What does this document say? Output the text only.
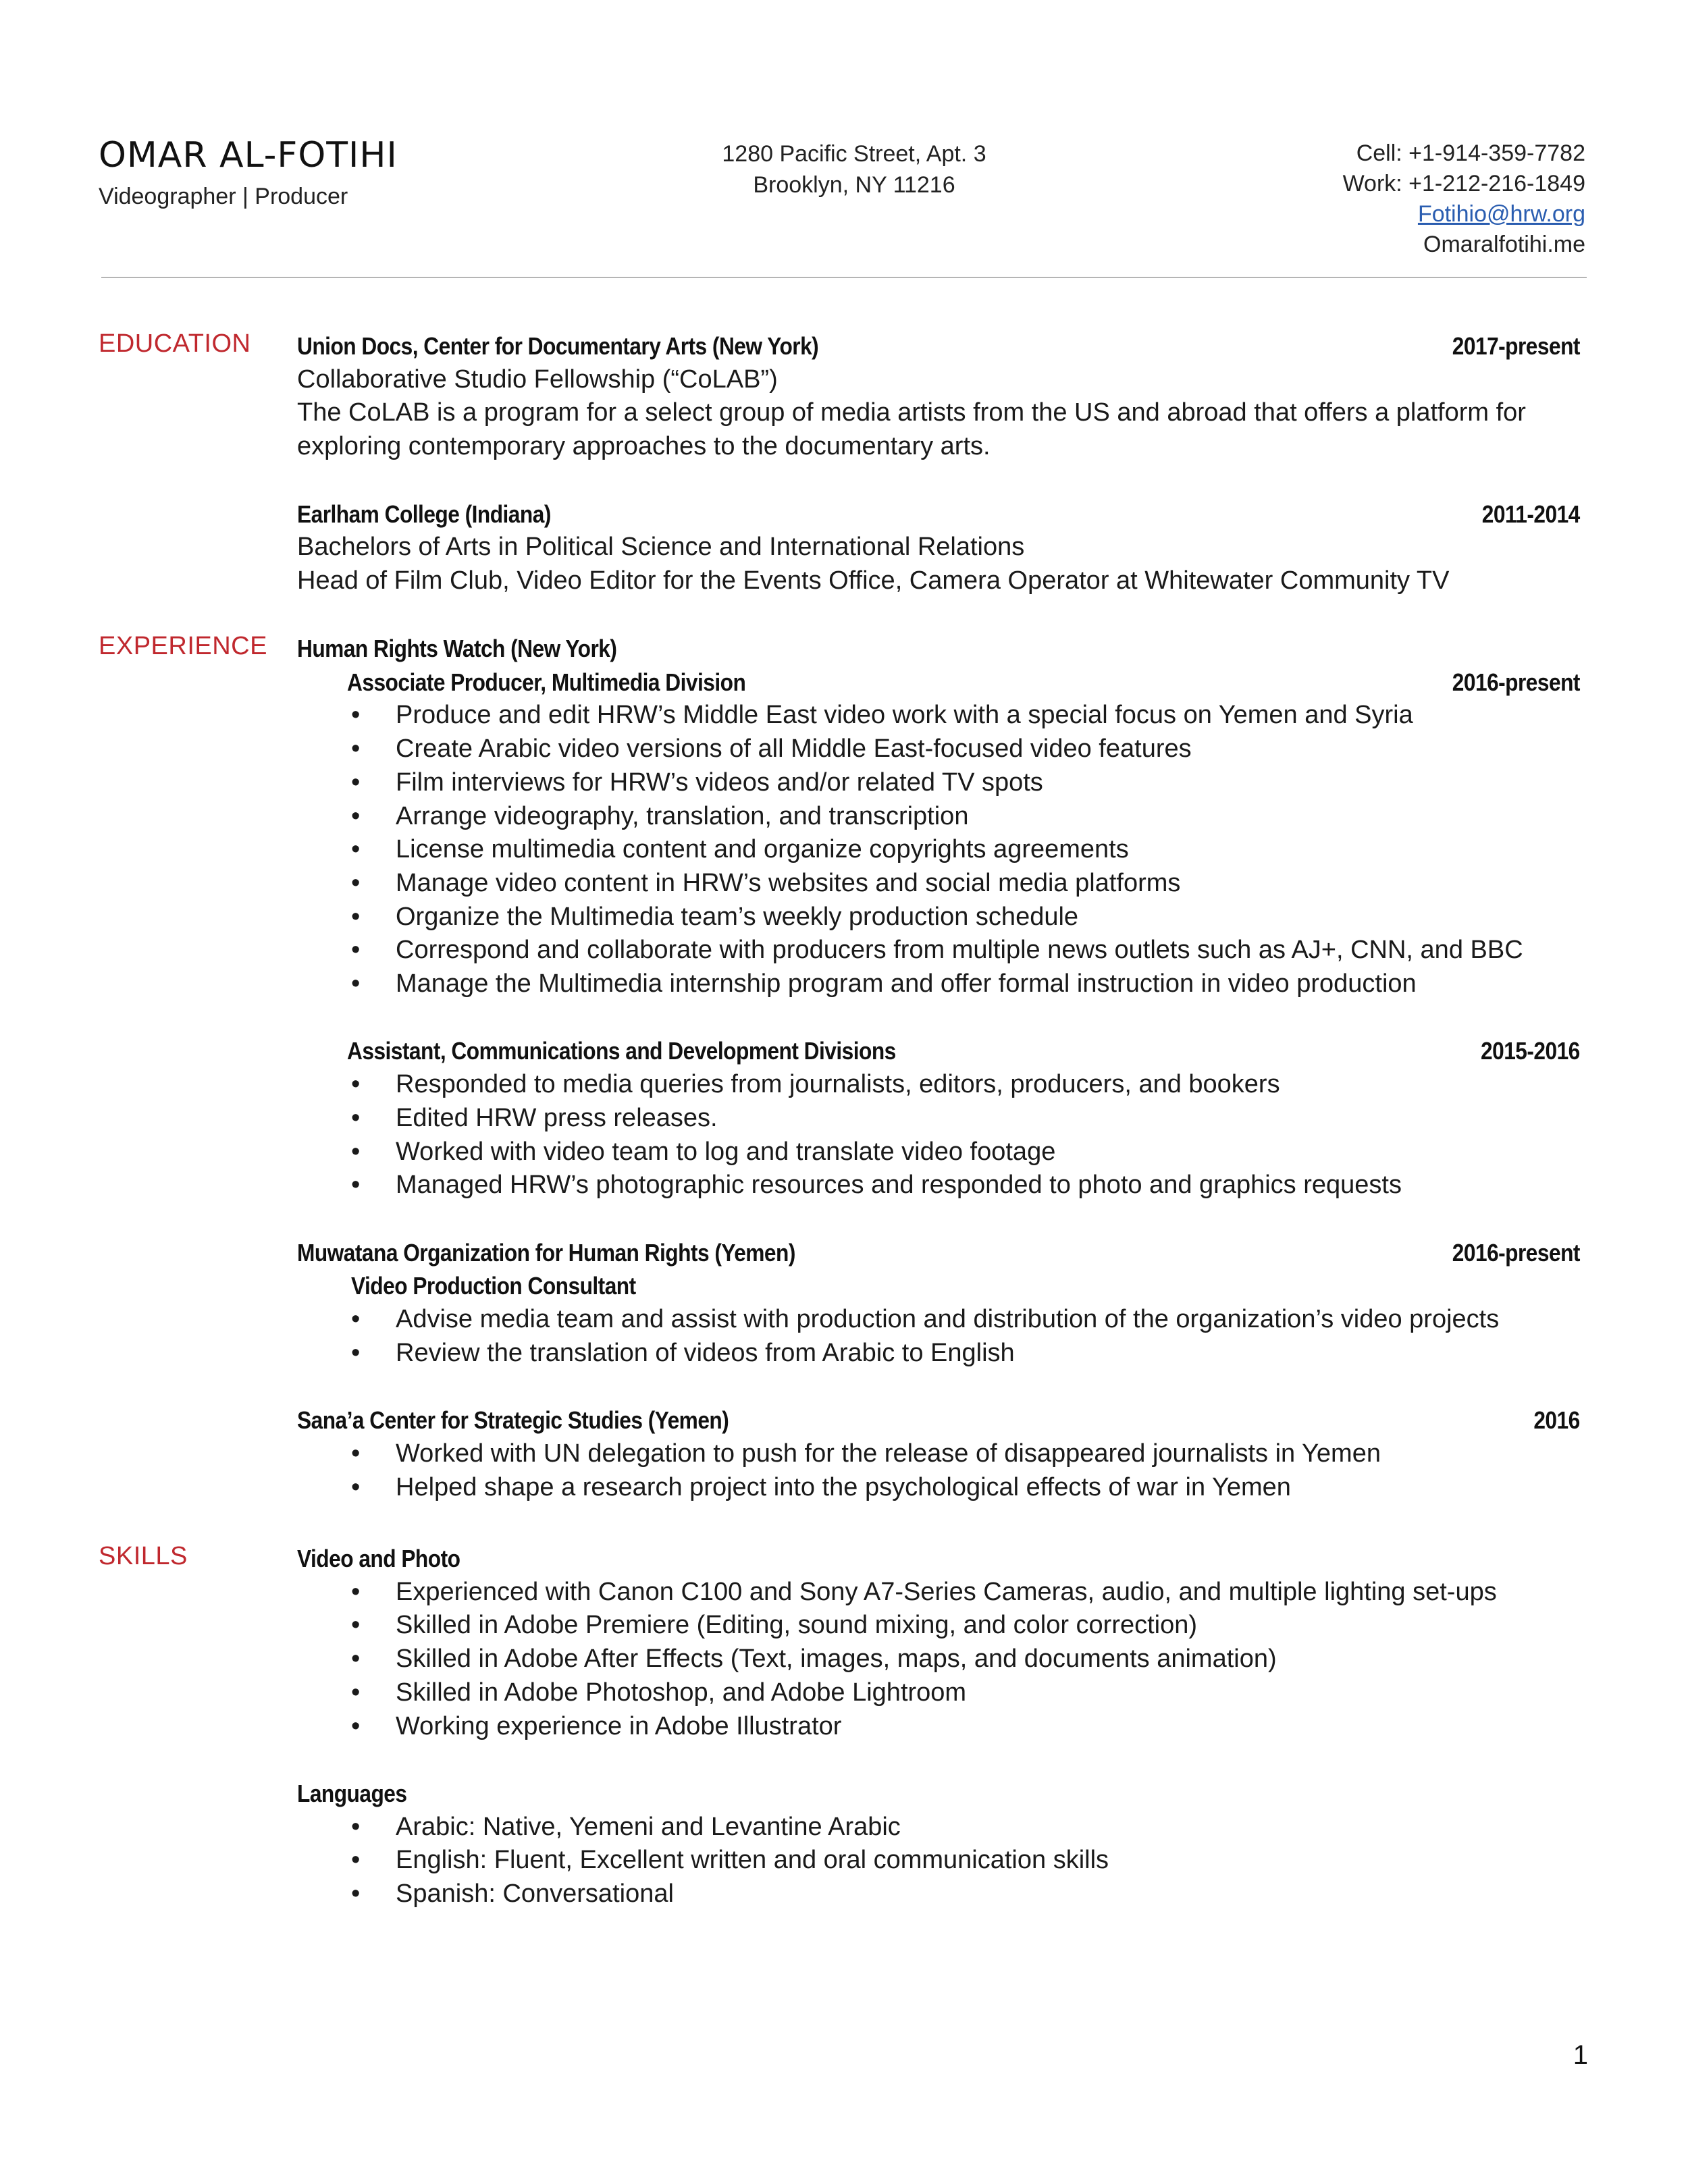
OMAR AL-FOTIHI
Videographer | Producer
1280 Pacific Street, Apt. 3
Brooklyn, NY 11216
Cell: +1-914-359-7782
Work: +1-212-216-1849
Fotihio@hrw.org
Omaralfotihi.me
EDUCATION Union Docs, Center for Documentary Arts (New York)	2017-present

Collaborative Studio Fellowship (“CoLAB”)

The CoLAB is a program for a select group of media artists from the US and abroad that offers a platform for

exploring contemporary approaches to the documentary arts.

Earlham College (Indiana)	2011-2014

Bachelors of Arts in Political Science and International Relations

Head of Film Club, Video Editor for the Events Office, Camera Operator at Whitewater Community TV

EXPERIENCE Human Rights Watch (New York)
Associate Producer, Multimedia Division	2016-present
• Produce and edit HRW’s Middle East video work with a special focus on Yemen and Syria
• Create Arabic video versions of all Middle East-focused video features
• Film interviews for HRW’s videos and/or related TV spots
• Arrange videography, translation, and transcription
• License multimedia content and organize copyrights agreements
• Manage video content in HRW’s websites and social media platforms
• Organize the Multimedia team’s weekly production schedule
• Correspond and collaborate with producers from multiple news outlets such as AJ+, CNN, and BBC
• Manage the Multimedia internship program and offer formal instruction in video production
Assistant, Communications and Development Divisions	2015-2016
• Responded to media queries from journalists, editors, producers, and bookers
• Edited HRW press releases.
• Worked with video team to log and translate video footage
• Managed HRW’s photographic resources and responded to photo and graphics requests
Muwatana Organization for Human Rights (Yemen)	2016-present
Video Production Consultant
• Advise media team and assist with production and distribution of the organization’s video projects
• Review the translation of videos from Arabic to English
Sana’a Center for Strategic Studies (Yemen)	2016
• Worked with UN delegation to push for the release of disappeared journalists in Yemen
• Helped shape a research project into the psychological effects of war in Yemen
SKILLS	Video and Photo
• Experienced with Canon C100 and Sony A7-Series Cameras, audio, and multiple lighting set-ups
• Skilled in Adobe Premiere (Editing, sound mixing, and color correction)
• Skilled in Adobe After Effects (Text, images, maps, and documents animation)
• Skilled in Adobe Photoshop, and Adobe Lightroom
• Working experience in Adobe Illustrator
Languages
• Arabic: Native, Yemeni and Levantine Arabic
• English: Fluent, Excellent written and oral communication skills
• Spanish: Conversational
1
